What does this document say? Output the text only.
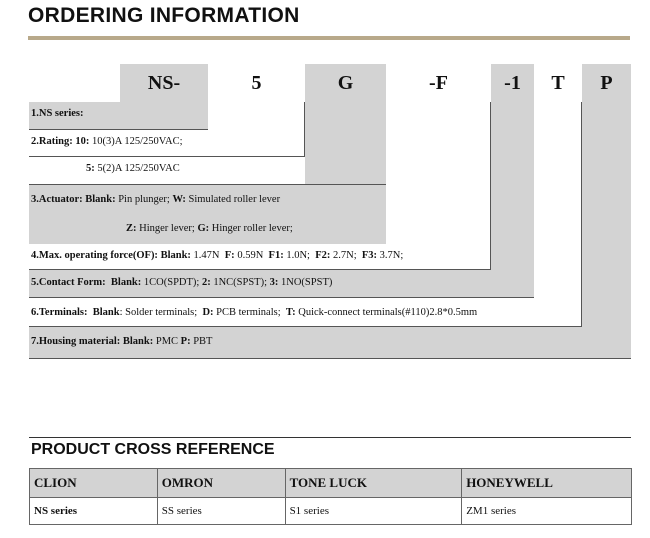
ORDERING INFORMATION
NS-	5	G	-F	-1	T	P
1.NS series:
2.Rating: 10: 10(3)A 125/250VAC;
5: 5(2)A 125/250VAC
3.Actuator: Blank: Pin plunger; W: Simulated roller lever
Z: Hinger lever; G: Hinger roller lever;
4.Max. operating force(OF): Blank: 1.47N F: 0.59N F1: 1.0N; F2: 2.7N; F3: 3.7N;
5.Contact Form: Blank: 1CO(SPDT); 2: 1NC(SPST); 3: 1NO(SPST)
6.Terminals: Blank: Solder terminals; D: PCB terminals; T: Quick-connect terminals(#110)2.8*0.5mm
7.Housing material: Blank: PMC P: PBT
PRODUCT CROSS REFERENCE
CLION	OMRON	TONE LUCK	HONEYWELL
NS series	SS series	S1 series	ZM1 series
